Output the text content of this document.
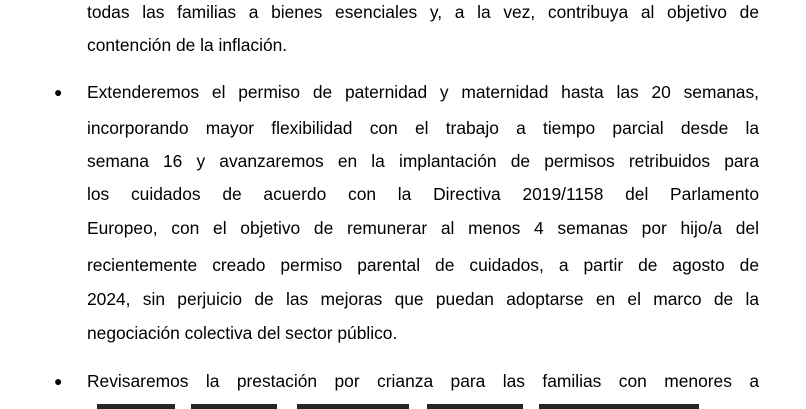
todas las familias a bienes esenciales y, a la vez, contribuya al objetivo de
contención de la inflación.
● Extenderemos el permiso de paternidad y maternidad hasta las 20 semanas,
incorporando mayor flexibilidad con el trabajo a tiempo parcial desde la
semana 16 y avanzaremos en la implantación de permisos retribuidos para
los cuidados de acuerdo con la Directiva 2019/1158 del Parlamento
Europeo, con el objetivo de remunerar al menos 4 semanas por hijo/a del
recientemente creado permiso parental de cuidados, a partir de agosto de
2024, sin perjuicio de las mejoras que puedan adoptarse en el marco de la
negociación colectiva del sector público.
● Revisaremos la prestación por crianza para las familias con menores a
